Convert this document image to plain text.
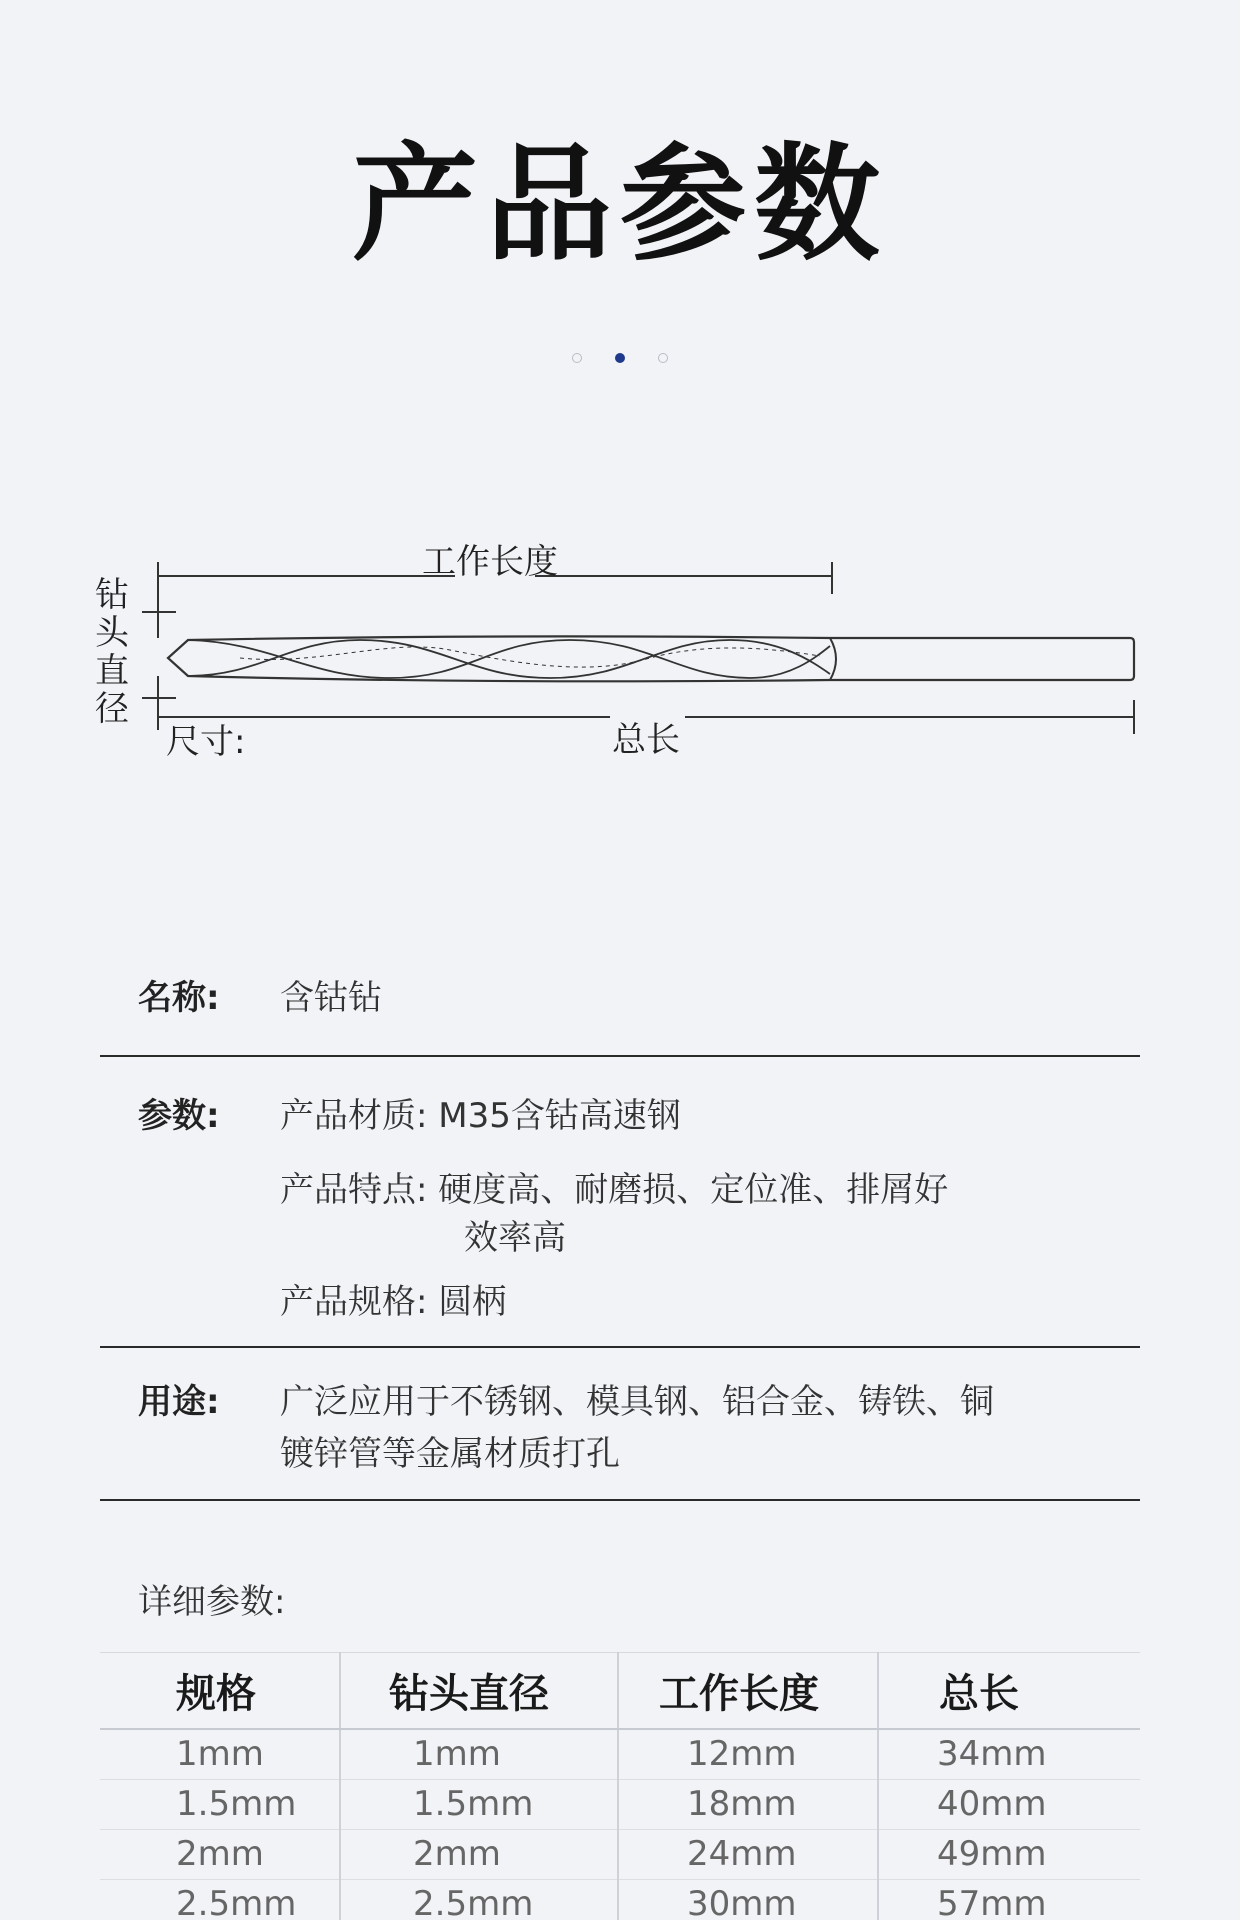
产品参数

工作长度
钻
头
直
径
尺寸:	总长
名称: 含钴钻
参数: 产品材质: M35含钴高速钢
产品特点: 硬度高、耐磨损、定位准、排屑好
效率高
产品规格: 圆柄
用途: 广泛应用于不锈钢、模具钢、铝合金、铸铁、铜
镀锌管等金属材质打孔
详细参数:
规格	钻头直径	工作长度	总长
1mm	1mm	12mm	34mm
1.5mm	1.5mm	18mm	40mm
2mm	2mm	24mm	49mm
2.5mm	2.5mm	30mm	57mm
